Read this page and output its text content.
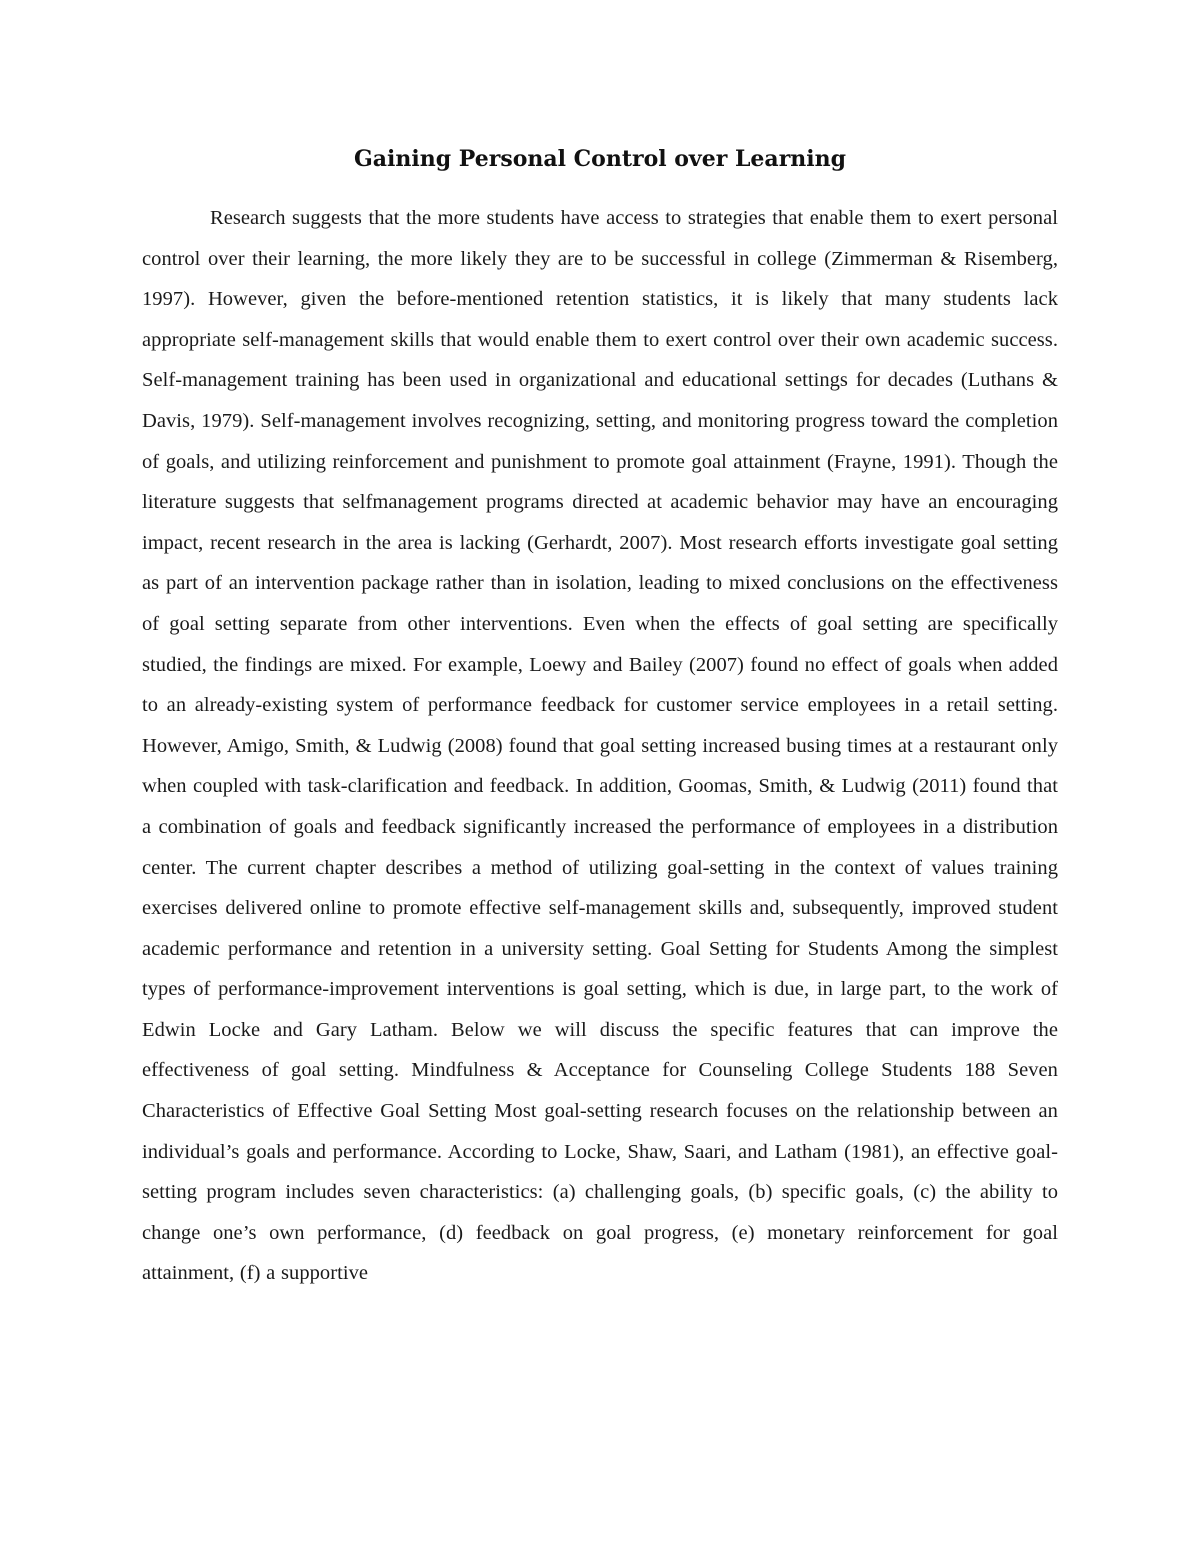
Gaining Personal Control over Learning

Research suggests that the more students have access to strategies that enable them to exert personal control over their learning, the more likely they are to be successful in college (Zimmerman & Risemberg, 1997). However, given the before-mentioned retention statistics, it is likely that many students lack appropriate self-management skills that would enable them to exert control over their own academic success. Self-management training has been used in organizational and educational settings for decades (Luthans & Davis, 1979). Self-management involves recognizing, setting, and monitoring progress toward the completion of goals, and utilizing reinforcement and punishment to promote goal attainment (Frayne, 1991). Though the literature suggests that selfmanagement programs directed at academic behavior may have an encouraging impact, recent research in the area is lacking (Gerhardt, 2007). Most research efforts investigate goal setting as part of an intervention package rather than in isolation, leading to mixed conclusions on the effectiveness of goal setting separate from other interventions. Even when the effects of goal setting are specifically studied, the findings are mixed. For example, Loewy and Bailey (2007) found no effect of goals when added to an already-existing system of performance feedback for customer service employees in a retail setting. However, Amigo, Smith, & Ludwig (2008) found that goal setting increased busing times at a restaurant only when coupled with task-clarification and feedback. In addition, Goomas, Smith, & Ludwig (2011) found that a combination of goals and feedback significantly increased the performance of employees in a distribution center. The current chapter describes a method of utilizing goal-setting in the context of values training exercises delivered online to promote effective self-management skills and, subsequently, improved student academic performance and retention in a university setting. Goal Setting for Students Among the simplest types of performance-improvement interventions is goal setting, which is due, in large part, to the work of Edwin Locke and Gary Latham. Below we will discuss the specific features that can improve the effectiveness of goal setting. Mindfulness & Acceptance for Counseling College Students 188 Seven Characteristics of Effective Goal Setting Most goal-setting research focuses on the relationship between an individual’s goals and performance. According to Locke, Shaw, Saari, and Latham (1981), an effective goal-setting program includes seven characteristics: (a) challenging goals, (b) specific goals, (c) the ability to change one’s own performance, (d) feedback on goal progress, (e) monetary reinforcement for goal attainment, (f) a supportive
